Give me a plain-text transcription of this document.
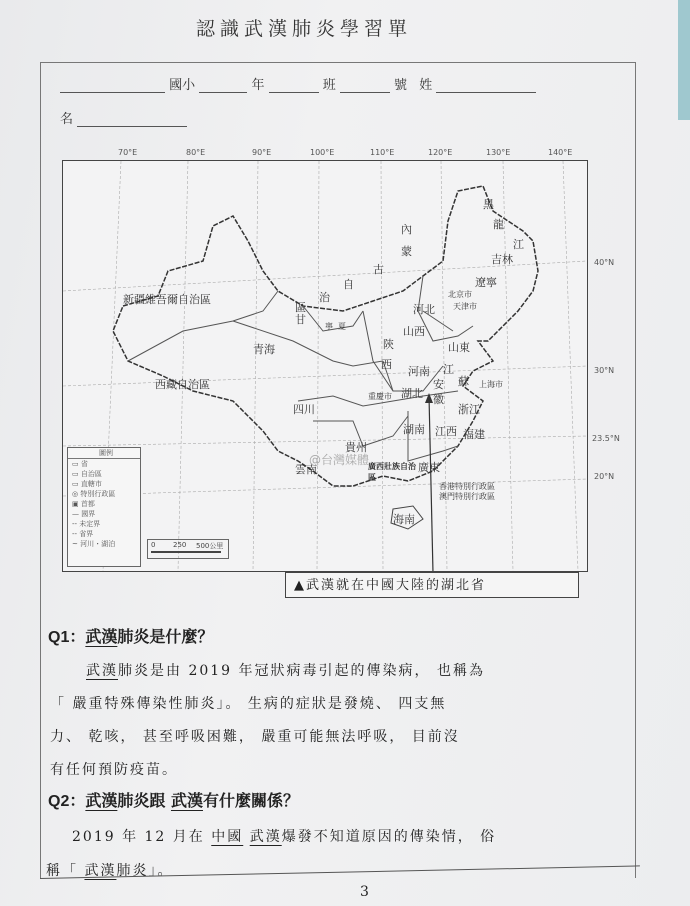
認識武漢肺炎學習單
國小	年	班	號 姓

名
70°E	80°E	90°E	100°E	110°E	120°E	130°E	140°E
40°N
30°N
23.5°N
20°N
新疆維吾爾自治區
西藏自治區
青海
甘
內
蒙
古
自
治
區
黑
龍
江
吉林
遼寧
河北
北京市
天津市
山西
山東
陝
西
寧 夏
河南 江
蘇
安
徽
上海市
湖北
浙江
四川
重慶市
湖南 江西 福建
貴州
雲南	廣西壯族自治區
廣東
海南
香港特別行政區
澳門特別行政區
@台灣媒體
圖例
▭ 省
▭ 自治區
▭ 直轄市
◎ 特別行政區
▣ 首都
— 國界
-- 未定界
-- 省界
~ 河川・湖泊	0	250 500公里
▲武漢就在中國大陸的湖北省
Q1：武漢肺炎是什麼？
武漢肺炎是由 2019 年冠狀病毒引起的傳染病， 也稱為
「 嚴重特殊傳染性肺炎」。 生病的症狀是發燒、 四支無
力、 乾咳， 甚至呼吸困難， 嚴重可能無法呼吸， 目前沒
有任何預防疫苗。
Q2：武漢肺炎跟 武漢有什麼關係？
2019 年 12 月在 中國 武漢爆發不知道原因的傳染情， 俗
稱「 武漢肺炎」。
3
